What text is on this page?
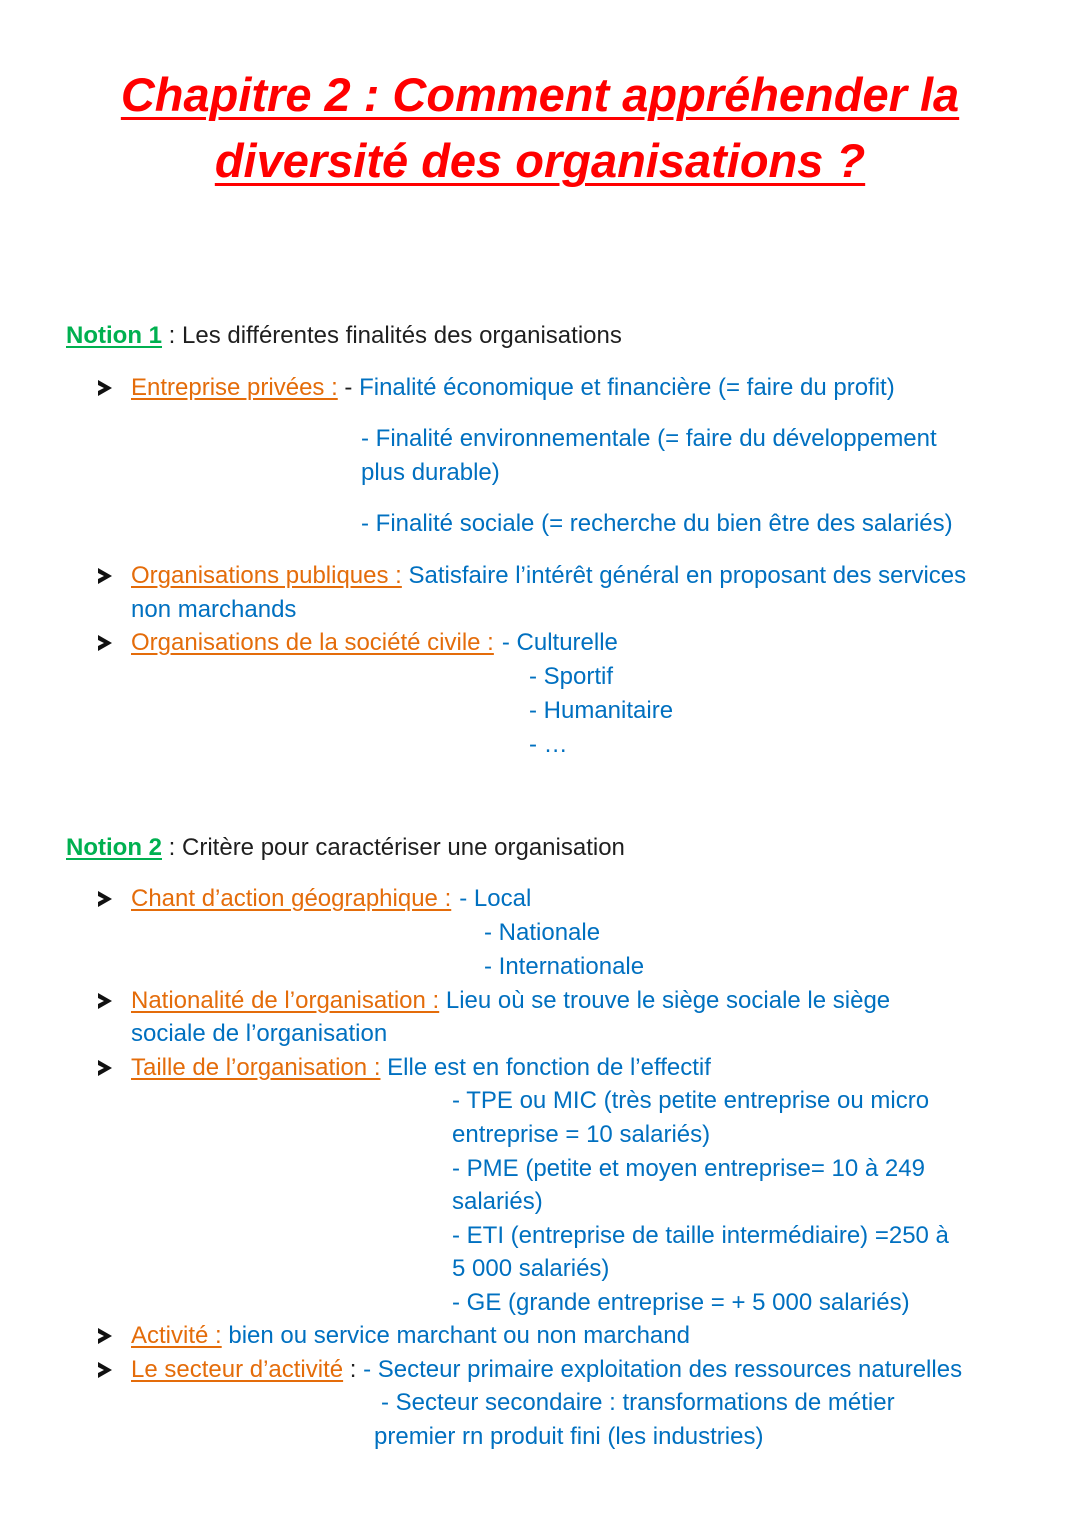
Chapitre 2 : Comment appréhender la
diversité des organisations ?
Notion 1 : Les différentes finalités des organisations
Entreprise privées : - Finalité économique et financière (= faire du profit)
- Finalité environnementale (= faire du développement
plus durable)
- Finalité sociale (= recherche du bien être des salariés)
Organisations publiques : Satisfaire l’intérêt général en proposant des services
non marchands
Organisations de la société civile : - Culturelle
- Sportif
- Humanitaire
- …
Notion 2 : Critère pour caractériser une organisation
Chant d’action géographique : - Local
- Nationale
- Internationale
Nationalité de l’organisation : Lieu où se trouve le siège sociale le siège
sociale de l’organisation
Taille de l’organisation : Elle est en fonction de l’effectif
- TPE ou MIC (très petite entreprise ou micro
entreprise = 10 salariés)
- PME (petite et moyen entreprise= 10 à 249
salariés)
- ETI (entreprise de taille intermédiaire) =250 à
5 000 salariés)
- GE (grande entreprise = + 5 000 salariés)
Activité : bien ou service marchant ou non marchand
Le secteur d’activité : - Secteur primaire exploitation des ressources naturelles
- Secteur secondaire : transformations de métier
premier rn produit fini (les industries)
